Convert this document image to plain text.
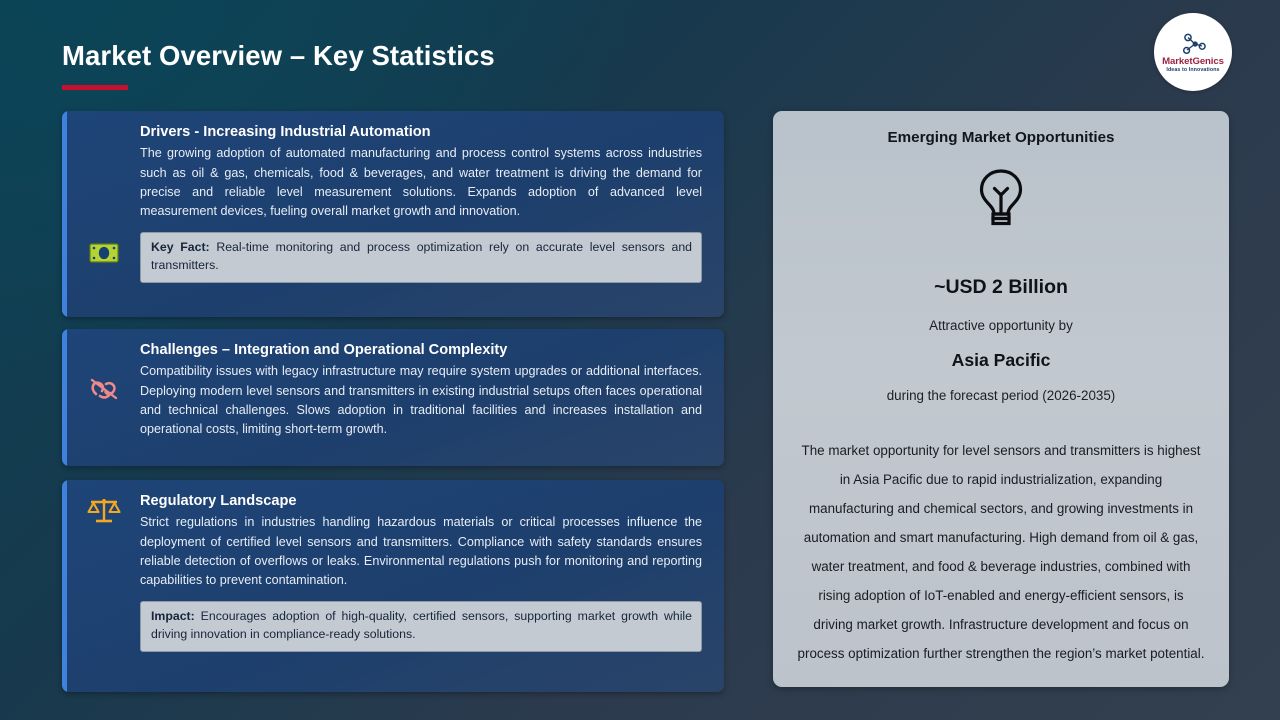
Market Overview – Key Statistics	MarketGenics
Ideas to Innovations
Drivers - Increasing Industrial Automation

The growing adoption of automated manufacturing and process control systems across industries such as oil & gas, chemicals, food & beverages, and water treatment is driving the demand for precise and reliable level measurement solutions. Expands adoption of advanced level measurement devices, fueling overall market growth and innovation.

Key Fact: Real-time monitoring and process optimization rely on accurate level sensors and transmitters.
Challenges – Integration and Operational Complexity

Compatibility issues with legacy infrastructure may require system upgrades or additional interfaces. Deploying modern level sensors and transmitters in existing industrial setups often faces operational and technical challenges. Slows adoption in traditional facilities and increases installation and operational costs, limiting short-term growth.

Regulatory Landscape

Strict regulations in industries handling hazardous materials or critical processes influence the deployment of certified level sensors and transmitters. Compliance with safety standards ensures reliable detection of overflows or leaks. Environmental regulations push for monitoring and reporting capabilities to prevent contamination.

Impact: Encourages adoption of high-quality, certified sensors, supporting market growth while driving innovation in compliance-ready solutions.
Emerging Market Opportunities
~USD 2 Billion
Attractive opportunity by
Asia Pacific
during the forecast period (2026-2035)
The market opportunity for level sensors and transmitters is highest in Asia Pacific due to rapid industrialization, expanding manufacturing and chemical sectors, and growing investments in automation and smart manufacturing. High demand from oil & gas, water treatment, and food & beverage industries, combined with rising adoption of IoT-enabled and energy-efficient sensors, is driving market growth. Infrastructure development and focus on process optimization further strengthen the region’s market potential.
